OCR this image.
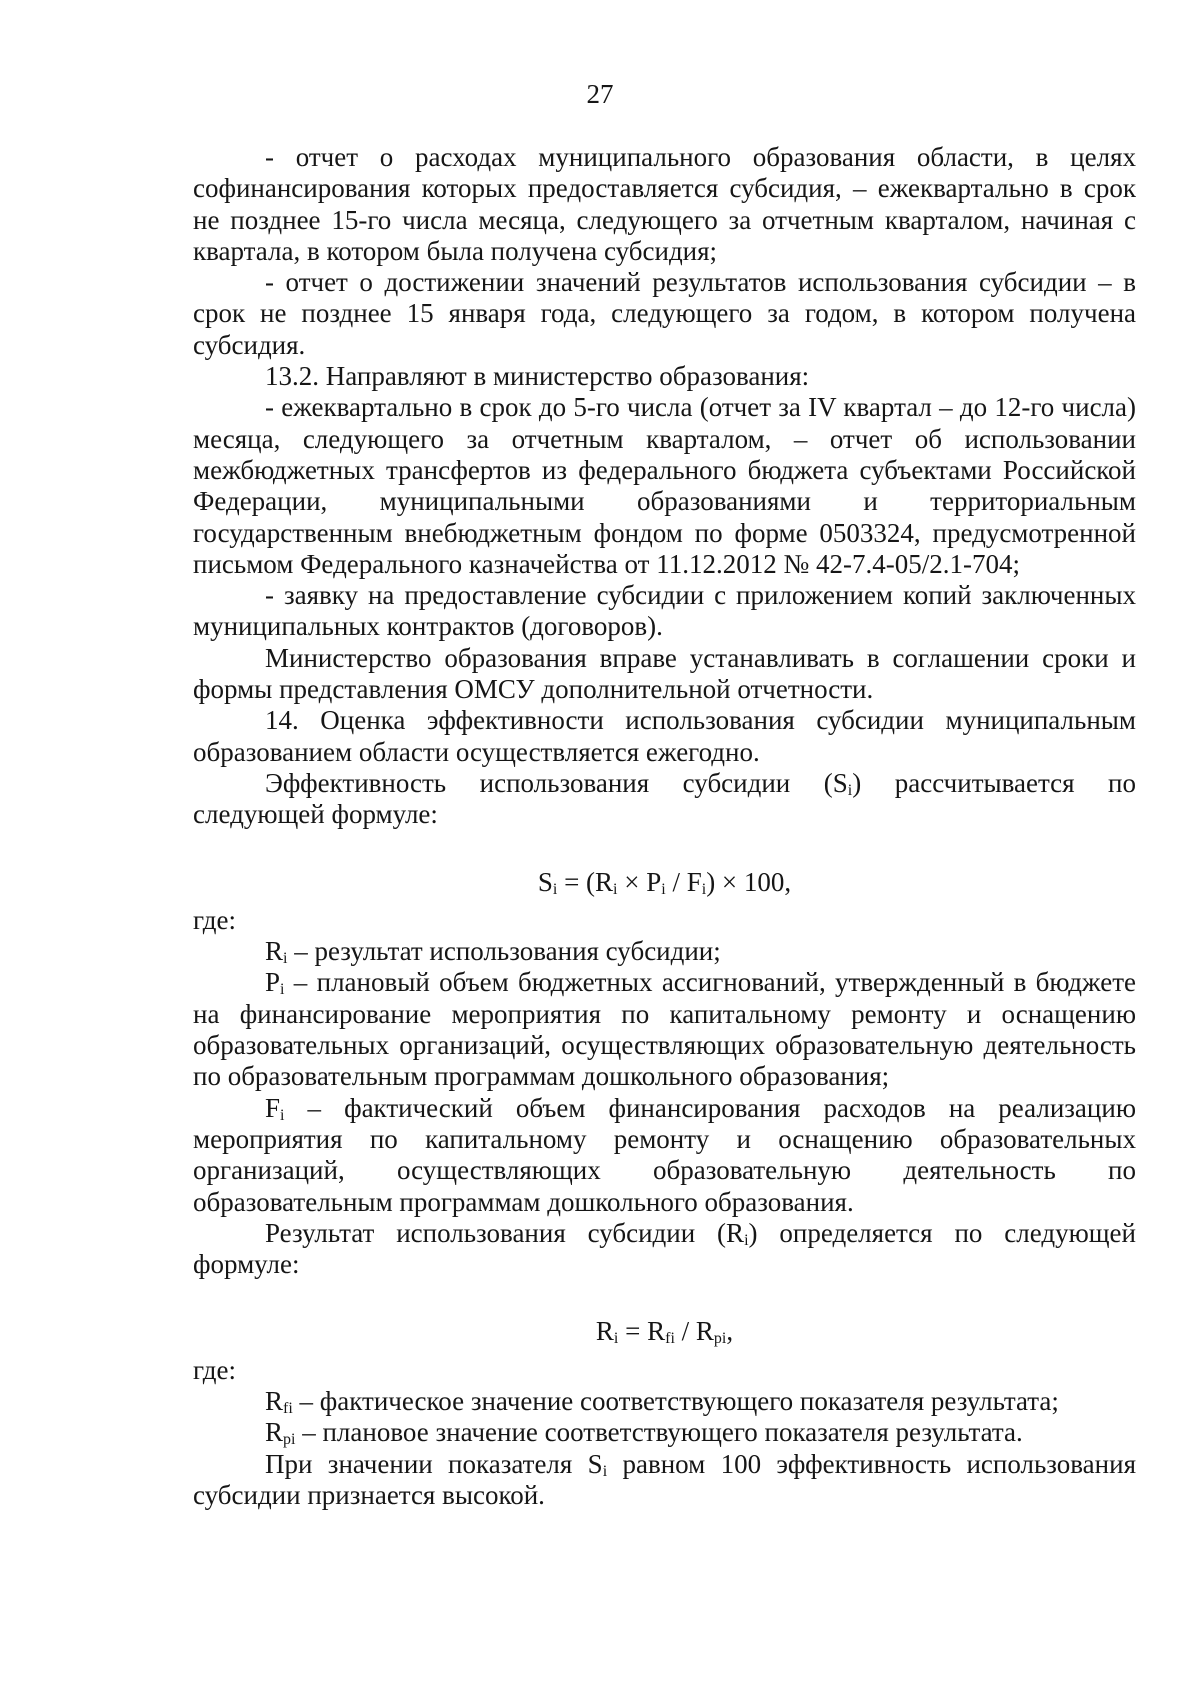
27

- отчет о расходах муниципального образования области, в целях софинансирования которых предоставляется субсидия, – ежеквартально в срок не позднее 15-го числа месяца, следующего за отчетным кварталом, начиная с квартала, в котором была получена субсидия;

- отчет о достижении значений результатов использования субсидии – в срок не позднее 15 января года, следующего за годом, в котором получена субсидия.

13.2. Направляют в министерство образования:

- ежеквартально в срок до 5-го числа (отчет за IV квартал – до 12-го числа) месяца, следующего за отчетным кварталом, – отчет об использовании межбюджетных трансфертов из федерального бюджета субъектами Российской Федерации, муниципальными образованиями и территориальным государственным внебюджетным фондом по форме 0503324, предусмотренной письмом Федерального казначейства от 11.12.2012 № 42-7.4-05/2.1-704;

- заявку на предоставление субсидии с приложением копий заключенных муниципальных контрактов (договоров).

Министерство образования вправе устанавливать в соглашении сроки и формы представления ОМСУ дополнительной отчетности.

14. Оценка эффективности использования субсидии муниципальным образованием области осуществляется ежегодно.

Эффективность использования субсидии $(S_i)$ рассчитывается по следующей формуле:

$S_i = (R_i \times P_i / F_i) \times 100$,

где:

$R_i$ – результат использования субсидии;

$P_i$ – плановый объем бюджетных ассигнований, утвержденный в бюджете на финансирование мероприятия по капитальному ремонту и оснащению образовательных организаций, осуществляющих образовательную деятельность по образовательным программам дошкольного образования;

$F_i$ – фактический объем финансирования расходов на реализацию мероприятия по капитальному ремонту и оснащению образовательных организаций, осуществляющих образовательную деятельность по образовательным программам дошкольного образования.

Результат использования субсидии $(R_i)$ определяется по следующей формуле:

$R_i = R_{fi} / R_{pi}$,

где:

$R_{fi}$ – фактическое значение соответствующего показателя результата;

$R_{pi}$ – плановое значение соответствующего показателя результата.

При значении показателя $S_i$ равном 100 эффективность использования субсидии признается высокой.
